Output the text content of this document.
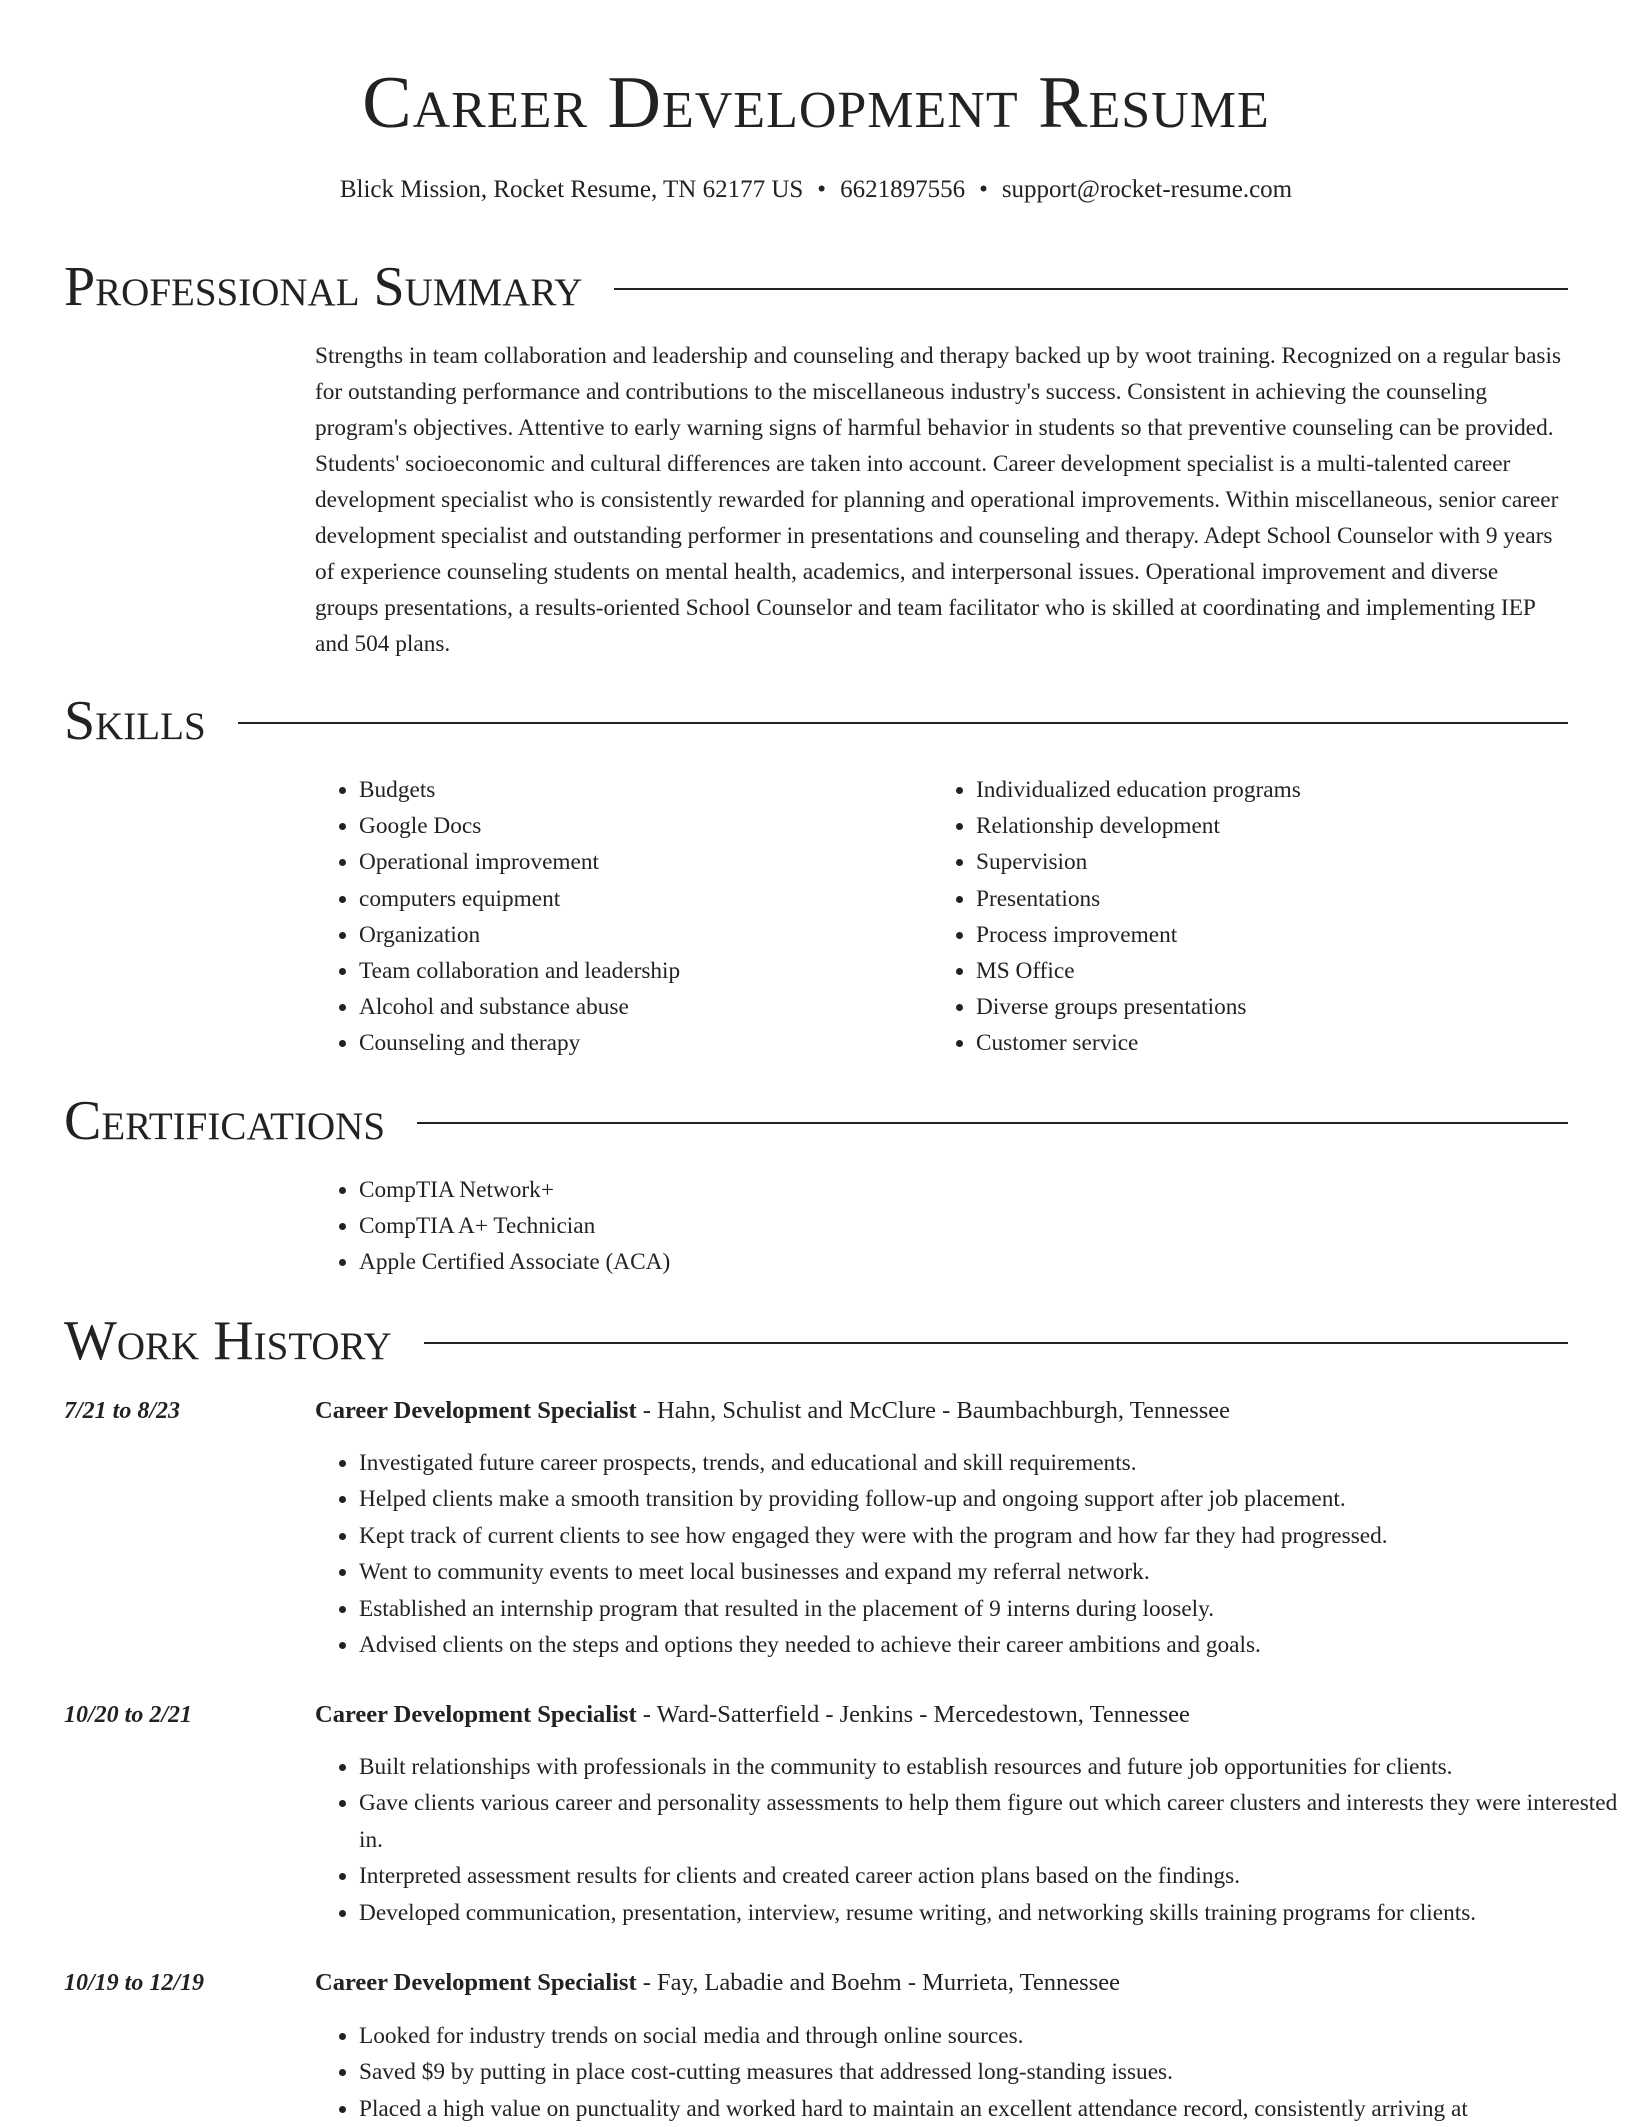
Career Development Resume
Blick Mission, Rocket Resume, TN 62177 US • 6621897556 • support@rocket-resume.com
Professional Summary

Strengths in team collaboration and leadership and counseling and therapy backed up by woot training. Recognized on a regular basis for outstanding performance and contributions to the miscellaneous industry's success. Consistent in achieving the counseling program's objectives. Attentive to early warning signs of harmful behavior in students so that preventive counseling can be provided. Students' socioeconomic and cultural differences are taken into account. Career development specialist is a multi-talented career development specialist who is consistently rewarded for planning and operational improvements. Within miscellaneous, senior career development specialist and outstanding performer in presentations and counseling and therapy. Adept School Counselor with 9 years of experience counseling students on mental health, academics, and interpersonal issues. Operational improvement and diverse groups presentations, a results-oriented School Counselor and team facilitator who is skilled at coordinating and implementing IEP and 504 plans.

Skills
• Budgets
• Google Docs
• Operational improvement
• computers equipment
• Organization
• Team collaboration and leadership
• Alcohol and substance abuse
• Counseling and therapy
• Individualized education programs
• Relationship development
• Supervision
• Presentations
• Process improvement
• MS Office
• Diverse groups presentations
• Customer service
Certifications
• CompTIA Network+
• CompTIA A+ Technician
• Apple Certified Associate (ACA)
Work History
7/21 to 8/23	Career Development Specialist - Hahn, Schulist and McClure - Baumbachburgh, Tennessee
• Investigated future career prospects, trends, and educational and skill requirements.
• Helped clients make a smooth transition by providing follow-up and ongoing support after job placement.
• Kept track of current clients to see how engaged they were with the program and how far they had progressed.
• Went to community events to meet local businesses and expand my referral network.
• Established an internship program that resulted in the placement of 9 interns during loosely.
• Advised clients on the steps and options they needed to achieve their career ambitions and goals.
10/20 to 2/21	Career Development Specialist - Ward-Satterfield - Jenkins - Mercedestown, Tennessee
• Built relationships with professionals in the community to establish resources and future job opportunities for clients.
• Gave clients various career and personality assessments to help them figure out which career clusters and interests they were interested in.
• Interpreted assessment results for clients and created career action plans based on the findings.
• Developed communication, presentation, interview, resume writing, and networking skills training programs for clients.
10/19 to 12/19	Career Development Specialist - Fay, Labadie and Boehm - Murrieta, Tennessee
• Looked for industry trends on social media and through online sources.
• Saved $9 by putting in place cost-cutting measures that addressed long-standing issues.
• Placed a high value on punctuality and worked hard to maintain an excellent attendance record, consistently arriving at
